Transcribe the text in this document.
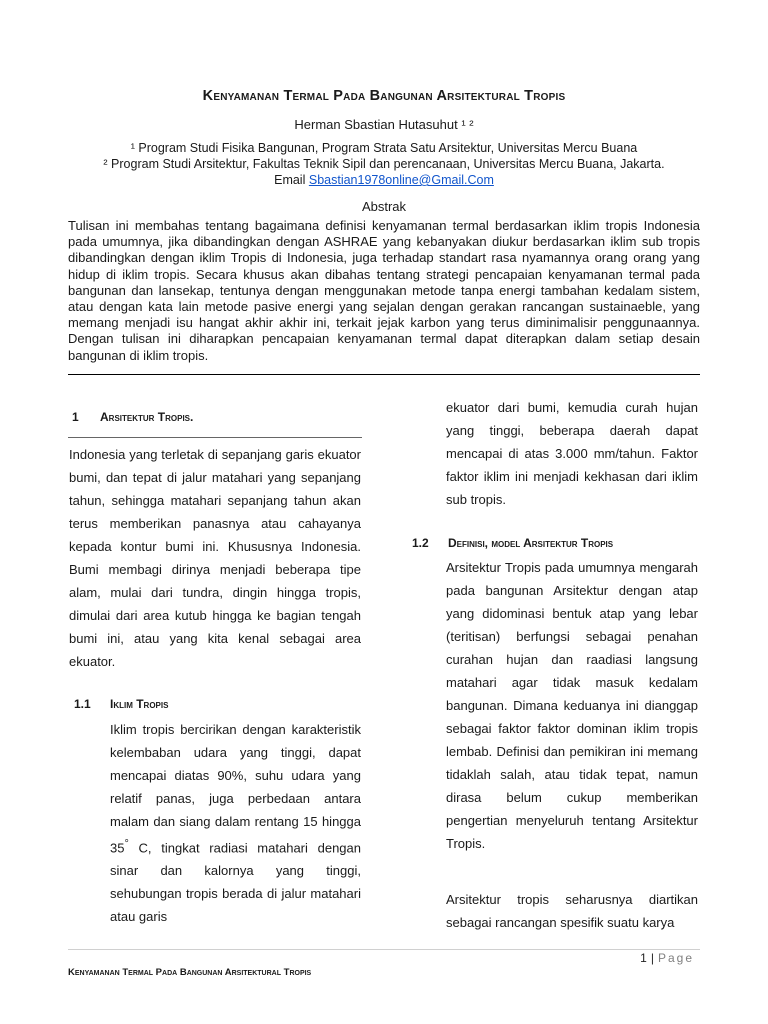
Kenyamanan Termal Pada Bangunan Arsitektural Tropis
Herman Sbastian Hutasuhut ¹ ²
¹ Program Studi Fisika Bangunan, Program Strata Satu Arsitektur, Universitas Mercu Buana
² Program Studi Arsitektur, Fakultas Teknik Sipil dan perencanaan, Universitas Mercu Buana, Jakarta.
Email Sbastian1978online@Gmail.Com
Abstrak
Tulisan ini membahas tentang bagaimana definisi kenyamanan termal berdasarkan iklim tropis Indonesia pada umumnya, jika dibandingkan dengan ASHRAE yang kebanyakan diukur berdasarkan iklim sub tropis dibandingkan dengan iklim Tropis di Indonesia, juga terhadap standart rasa nyamannya orang orang yang hidup di iklim tropis. Secara khusus akan dibahas tentang strategi pencapaian kenyamanan termal pada bangunan dan lansekap, tentunya dengan menggunakan metode tanpa energi tambahan kedalam sistem, atau dengan kata lain metode pasive energi yang sejalan dengan gerakan rancangan sustainaeble, yang memang menjadi isu hangat akhir akhir ini, terkait jejak karbon yang terus diminimalisir penggunaannya. Dengan tulisan ini diharapkan pencapaian kenyamanan termal dapat diterapkan dalam setiap desain bangunan di iklim tropis.
1 Arsitektur Tropis.

Indonesia yang terletak di sepanjang garis ekuator bumi, dan tepat di jalur matahari yang sepanjang tahun, sehingga matahari sepanjang tahun akan terus memberikan panasnya atau cahayanya kepada kontur bumi ini. Khususnya Indonesia. Bumi membagi dirinya menjadi beberapa tipe alam, mulai dari tundra, dingin hingga tropis, dimulai dari area kutub hingga ke bagian tengah bumi ini, atau yang kita kenal sebagai area ekuator.

1.1 Iklim Tropis

Iklim tropis bercirikan dengan karakteristik kelembaban udara yang tinggi, dapat mencapai diatas 90%, suhu udara yang relatif panas, juga perbedaan antara malam dan siang dalam rentang 15 hingga 35° C, tingkat radiasi matahari dengan sinar dan kalornya yang tinggi, sehubungan tropis berada di jalur matahari atau garis

ekuator dari bumi, kemudia curah hujan yang tinggi, beberapa daerah dapat mencapai di atas 3.000 mm/tahun. Faktor faktor iklim ini menjadi kekhasan dari iklim sub tropis.

1.2 Definisi, model Arsitektur Tropis

Arsitektur Tropis pada umumnya mengarah pada bangunan Arsitektur dengan atap yang didominasi bentuk atap yang lebar (teritisan) berfungsi sebagai penahan curahan hujan dan raadiasi langsung matahari agar tidak masuk kedalam bangunan. Dimana keduanya ini dianggap sebagai faktor faktor dominan iklim tropis lembab. Definisi dan pemikiran ini memang tidaklah salah, atau tidak tepat, namun dirasa belum cukup memberikan pengertian menyeluruh tentang Arsitektur Tropis.

Arsitektur tropis seharusnya diartikan sebagai rancangan spesifik suatu karya

1 | Page
Kenyamanan Termal Pada Bangunan Arsitektural Tropis
